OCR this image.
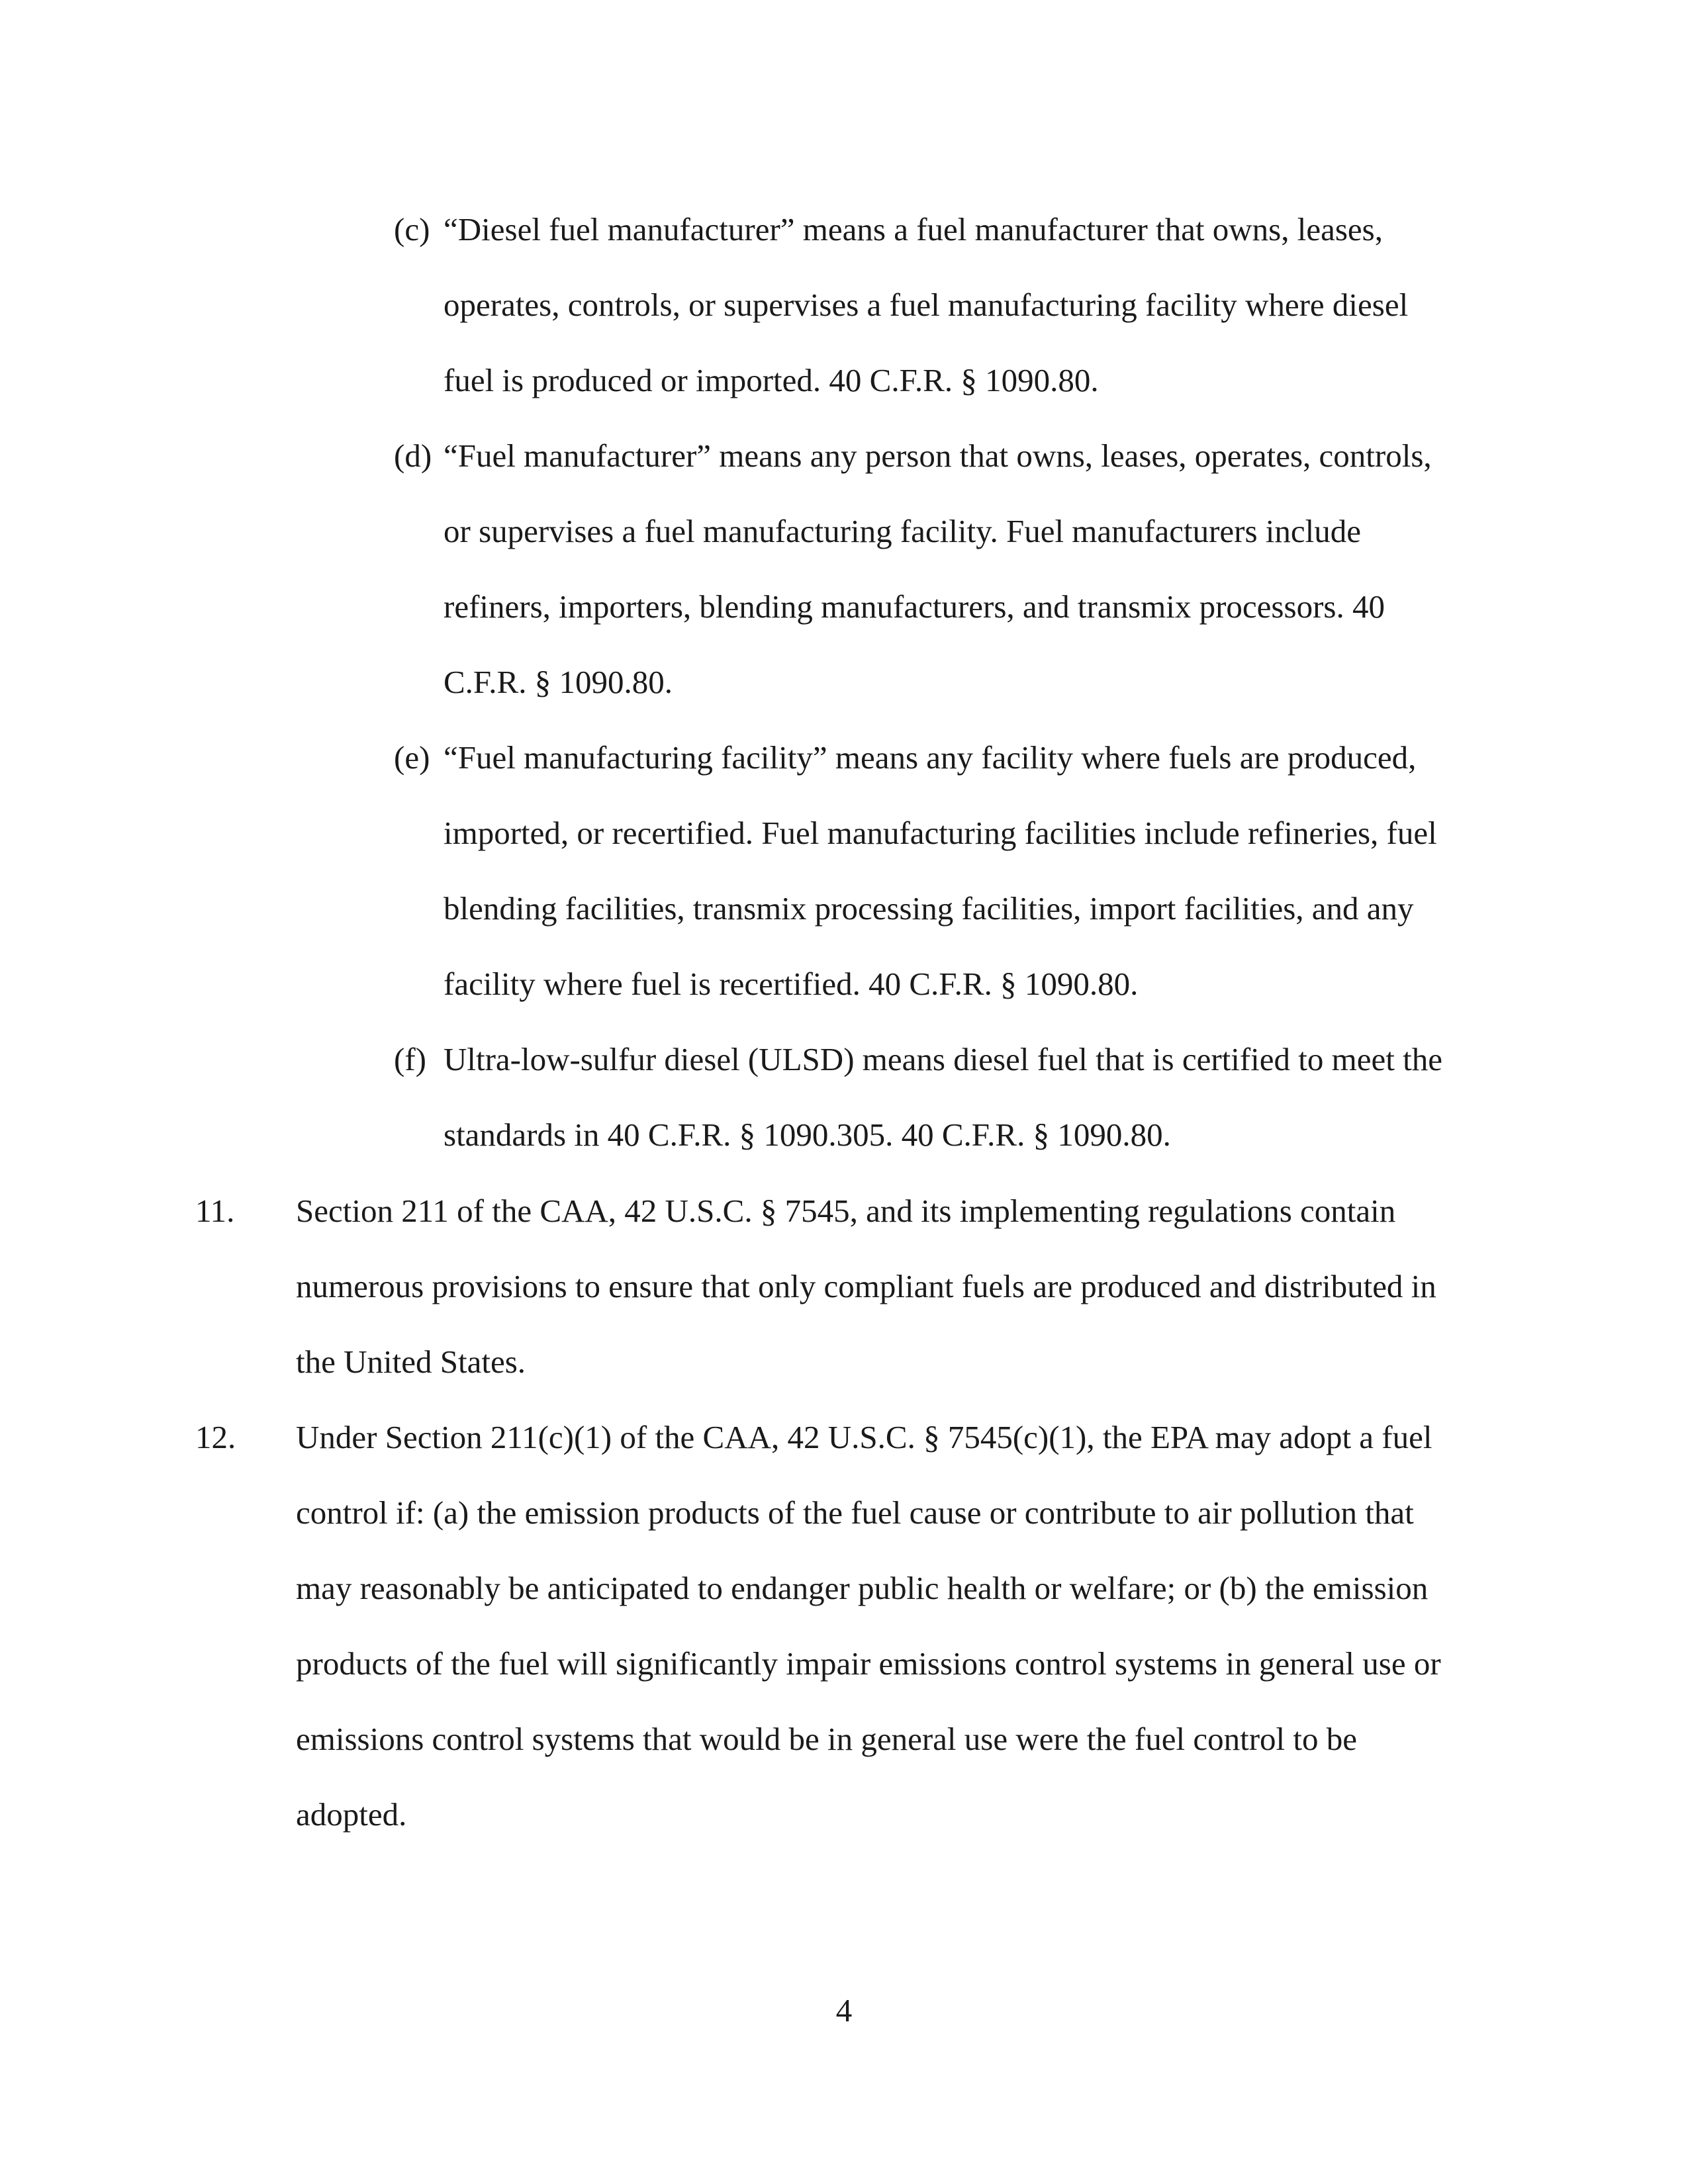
(c) “Diesel fuel manufacturer” means a fuel manufacturer that owns, leases, operates, controls, or supervises a fuel manufacturing facility where diesel fuel is produced or imported. 40 C.F.R. § 1090.80.
(d) “Fuel manufacturer” means any person that owns, leases, operates, controls, or supervises a fuel manufacturing facility. Fuel manufacturers include refiners, importers, blending manufacturers, and transmix processors. 40 C.F.R. § 1090.80.
(e) “Fuel manufacturing facility” means any facility where fuels are produced, imported, or recertified. Fuel manufacturing facilities include refineries, fuel blending facilities, transmix processing facilities, import facilities, and any facility where fuel is recertified. 40 C.F.R. § 1090.80.
(f) Ultra-low-sulfur diesel (ULSD) means diesel fuel that is certified to meet the standards in 40 C.F.R. § 1090.305. 40 C.F.R. § 1090.80.
11.	Section 211 of the CAA, 42 U.S.C. § 7545, and its implementing regulations contain numerous provisions to ensure that only compliant fuels are produced and distributed in the United States.
12.	Under Section 211(c)(1) of the CAA, 42 U.S.C. § 7545(c)(1), the EPA may adopt a fuel control if: (a) the emission products of the fuel cause or contribute to air pollution that may reasonably be anticipated to endanger public health or welfare; or (b) the emission products of the fuel will significantly impair emissions control systems in general use or emissions control systems that would be in general use were the fuel control to be adopted.
4
